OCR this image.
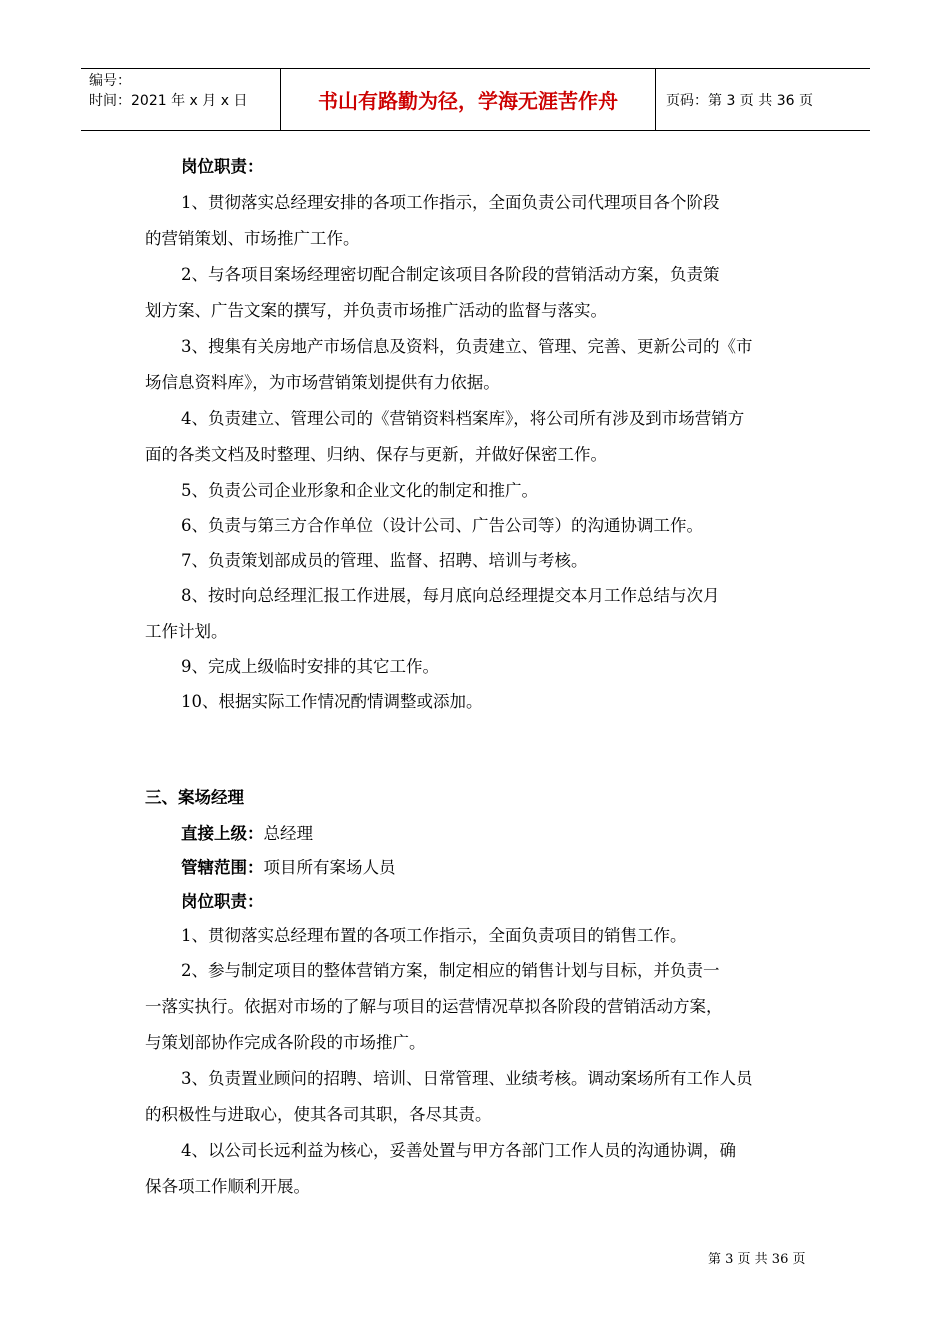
编号：
时间：2021 年 x 月 x 日	书山有路勤为径，学海无涯苦作舟	页码：第 3 页 共 36 页
岗位职责：
1、贯彻落实总经理安排的各项工作指示，全面负责公司代理项目各个阶段
的营销策划、市场推广工作。
2、与各项目案场经理密切配合制定该项目各阶段的营销活动方案，负责策
划方案、广告文案的撰写，并负责市场推广活动的监督与落实。
3、搜集有关房地产市场信息及资料，负责建立、管理、完善、更新公司的《市
场信息资料库》，为市场营销策划提供有力依据。
4、负责建立、管理公司的《营销资料档案库》，将公司所有涉及到市场营销方
面的各类文档及时整理、归纳、保存与更新，并做好保密工作。
5、负责公司企业形象和企业文化的制定和推广。
6、负责与第三方合作单位（设计公司、广告公司等）的沟通协调工作。
7、负责策划部成员的管理、监督、招聘、培训与考核。
8、按时向总经理汇报工作进展，每月底向总经理提交本月工作总结与次月
工作计划。
9、完成上级临时安排的其它工作。
10、根据实际工作情况酌情调整或添加。
三、案场经理
直接上级：总经理
管辖范围：项目所有案场人员
岗位职责：
1、贯彻落实总经理布置的各项工作指示，全面负责项目的销售工作。
2、参与制定项目的整体营销方案，制定相应的销售计划与目标，并负责一
一落实执行。依据对市场的了解与项目的运营情况草拟各阶段的营销活动方案，
与策划部协作完成各阶段的市场推广。
3、负责置业顾问的招聘、培训、日常管理、业绩考核。调动案场所有工作人员
的积极性与进取心，使其各司其职，各尽其责。
4、以公司长远利益为核心，妥善处置与甲方各部门工作人员的沟通协调，确
保各项工作顺利开展。
第 3 页 共 36 页
